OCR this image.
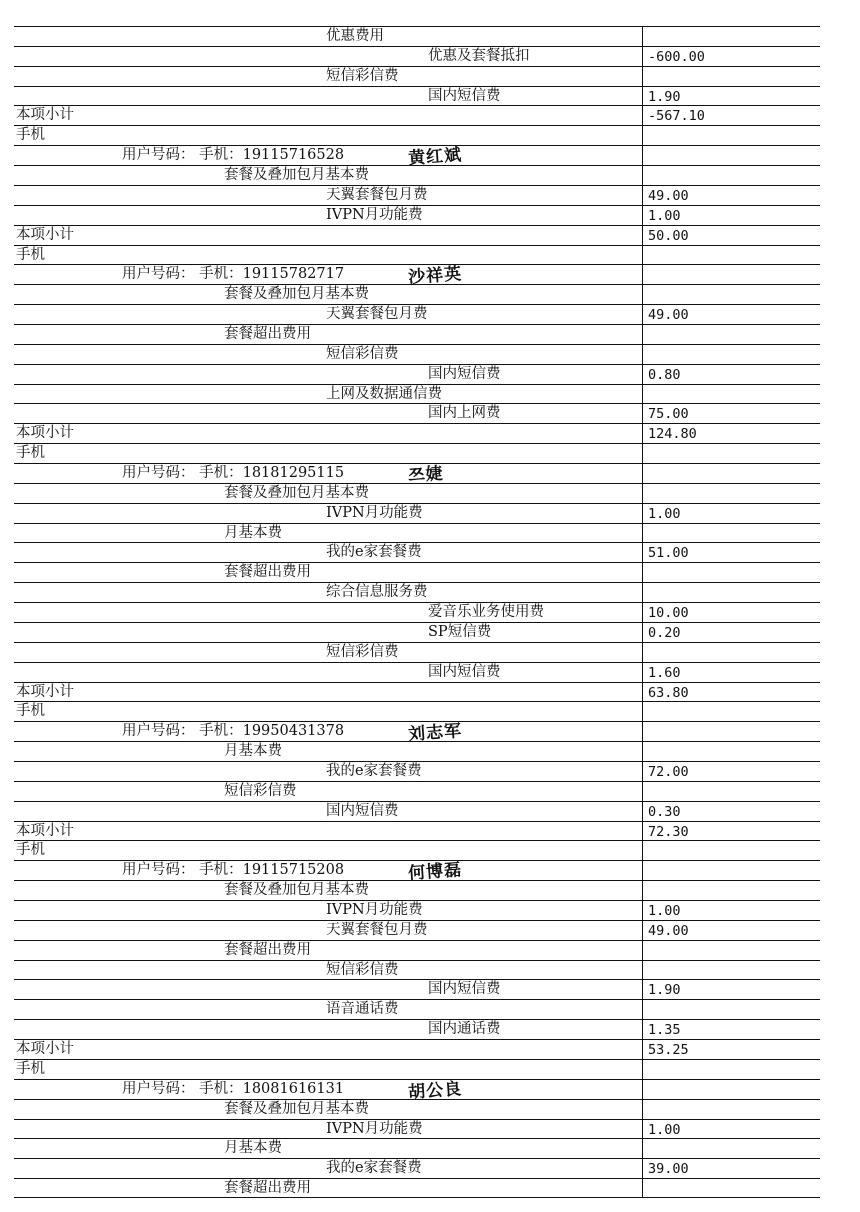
优惠费用
优惠及套餐抵扣	-600.00
短信彩信费
国内短信费	1.90
本项小计	-567.10
手机
用户号码： 手机：19115716528	黄红斌
套餐及叠加包月基本费
天翼套餐包月费	49.00
IVPN月功能费	1.00
本项小计	50.00
手机
用户号码： 手机：19115782717	沙祥英
套餐及叠加包月基本费
天翼套餐包月费	49.00
套餐超出费用
短信彩信费
国内短信费	0.80
上网及数据通信费
国内上网费	75.00
本项小计	124.80
手机
用户号码： 手机：18181295115	쯔婕
套餐及叠加包月基本费
IVPN月功能费	1.00
月基本费
我的e家套餐费	51.00
套餐超出费用
综合信息服务费
爱音乐业务使用费	10.00
SP短信费	0.20
短信彩信费
国内短信费	1.60
本项小计	63.80
手机
用户号码： 手机：19950431378	刘志军
月基本费
我的e家套餐费	72.00
短信彩信费
国内短信费	0.30
本项小计	72.30
手机
用户号码： 手机：19115715208	何博磊
套餐及叠加包月基本费
IVPN月功能费	1.00
天翼套餐包月费	49.00
套餐超出费用
短信彩信费
国内短信费	1.90
语音通话费
国内通话费	1.35
本项小计	53.25
手机
用户号码： 手机：18081616131	胡公良
套餐及叠加包月基本费
IVPN月功能费	1.00
月基本费
我的e家套餐费	39.00
套餐超出费用
